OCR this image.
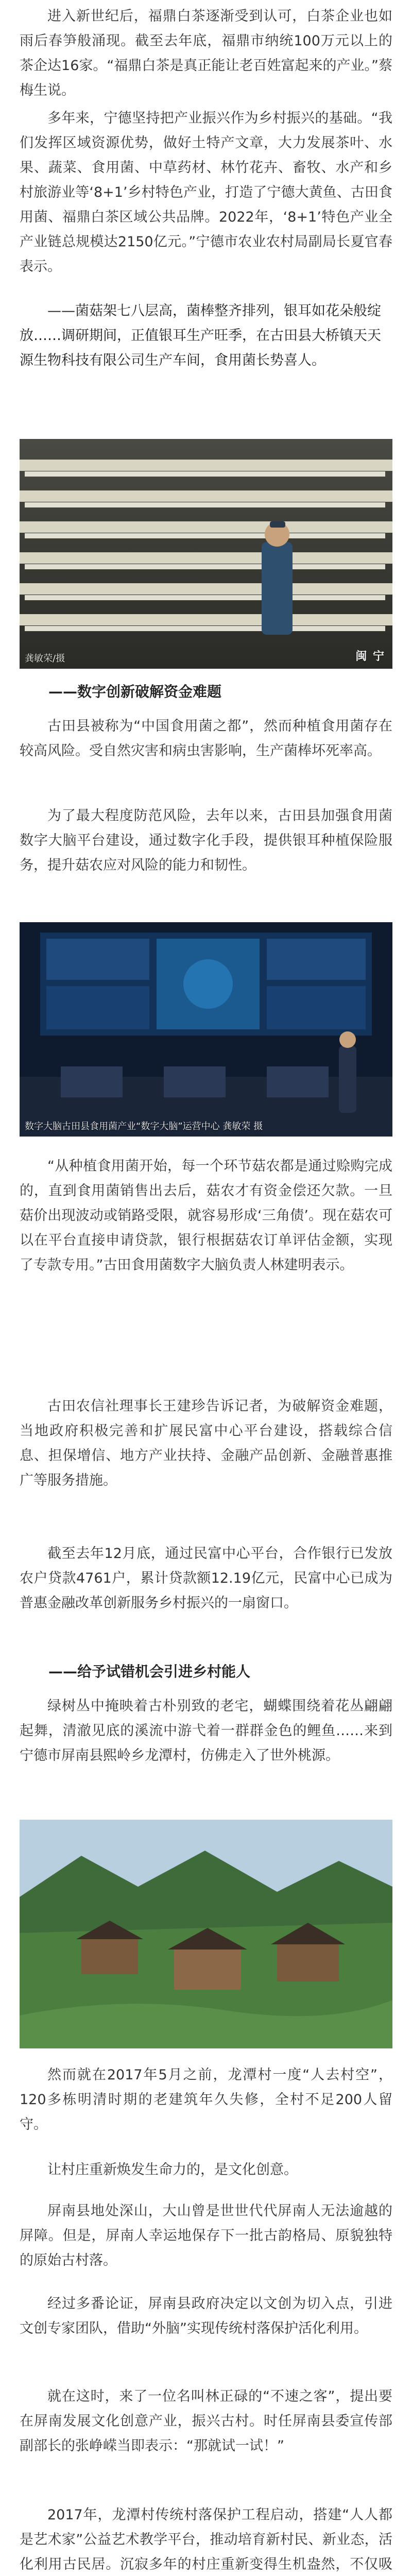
进入新世纪后，福鼎白茶逐渐受到认可，白茶企业也如雨后春笋般涌现。截至去年底，福鼎市纳统100万元以上的茶企达16家。“福鼎白茶是真正能让老百姓富起来的产业。”蔡梅生说。

多年来，宁德坚持把产业振兴作为乡村振兴的基础。“我们发挥区域资源优势，做好土特产文章，大力发展茶叶、水果、蔬菜、食用菌、中草药材、林竹花卉、畜牧、水产和乡村旅游业等‘8+1’乡村特色产业，打造了宁德大黄鱼、古田食用菌、福鼎白茶区域公共品牌。2022年，‘8+1’特色产业全产业链总规模达2150亿元。”宁德市农业农村局副局长夏官春表示。

——菌菇架七八层高，菌棒整齐排列，银耳如花朵般绽放……调研期间，正值银耳生产旺季，在古田县大桥镇天天源生物科技有限公司生产车间，食用菌长势喜人。

龚敏荣/摄	闽 宁

——数字创新破解资金难题

古田县被称为“中国食用菌之都”，然而种植食用菌存在较高风险。受自然灾害和病虫害影响，生产菌棒坏死率高。

为了最大程度防范风险，去年以来，古田县加强食用菌数字大脑平台建设，通过数字化手段，提供银耳种植保险服务，提升菇农应对风险的能力和韧性。

数字大脑古田县食用菌产业“数字大脑”运营中心 龚敏荣 摄

“从种植食用菌开始，每一个环节菇农都是通过赊购完成的，直到食用菌销售出去后，菇农才有资金偿还欠款。一旦菇价出现波动或销路受限，就容易形成‘三角债’。现在菇农可以在平台直接申请贷款，银行根据菇农订单评估金额，实现了专款专用。”古田食用菌数字大脑负责人林建明表示。

古田农信社理事长王建珍告诉记者，为破解资金难题，当地政府积极完善和扩展民富中心平台建设，搭载综合信息、担保增信、地方产业扶持、金融产品创新、金融普惠推广等服务措施。

截至去年12月底，通过民富中心平台，合作银行已发放农户贷款4761户，累计贷款额12.19亿元，民富中心已成为普惠金融改革创新服务乡村振兴的一扇窗口。

——给予试错机会引进乡村能人

绿树丛中掩映着古朴别致的老宅，蝴蝶围绕着花丛翩翩起舞，清澈见底的溪流中游弋着一群群金色的鲤鱼……来到宁德市屏南县熙岭乡龙潭村，仿佛走入了世外桃源。

然而就在2017年5月之前，龙潭村一度“人去村空”，120多栋明清时期的老建筑年久失修，全村不足200人留守。

让村庄重新焕发生命力的，是文化创意。

屏南县地处深山，大山曾是世世代代屏南人无法逾越的屏障。但是，屏南人幸运地保存下一批古韵格局、原貌独特的原始古村落。

经过多番论证，屏南县政府决定以文创为切入点，引进文创专家团队，借助“外脑”实现传统村落保护活化利用。

就在这时，来了一位名叫林正碌的“不速之客”，提出要在屏南发展文化创意产业，振兴古村。时任屏南县委宣传部副部长的张峥嵘当即表示：“那就试一试！”

2017年，龙潭村传统村落保护工程启动，搭建“人人都是艺术家”公益艺术教学平台，推动培育新村民、新业态，活化利用古民居。沉寂多年的村庄重新变得生机盎然，不仅吸
